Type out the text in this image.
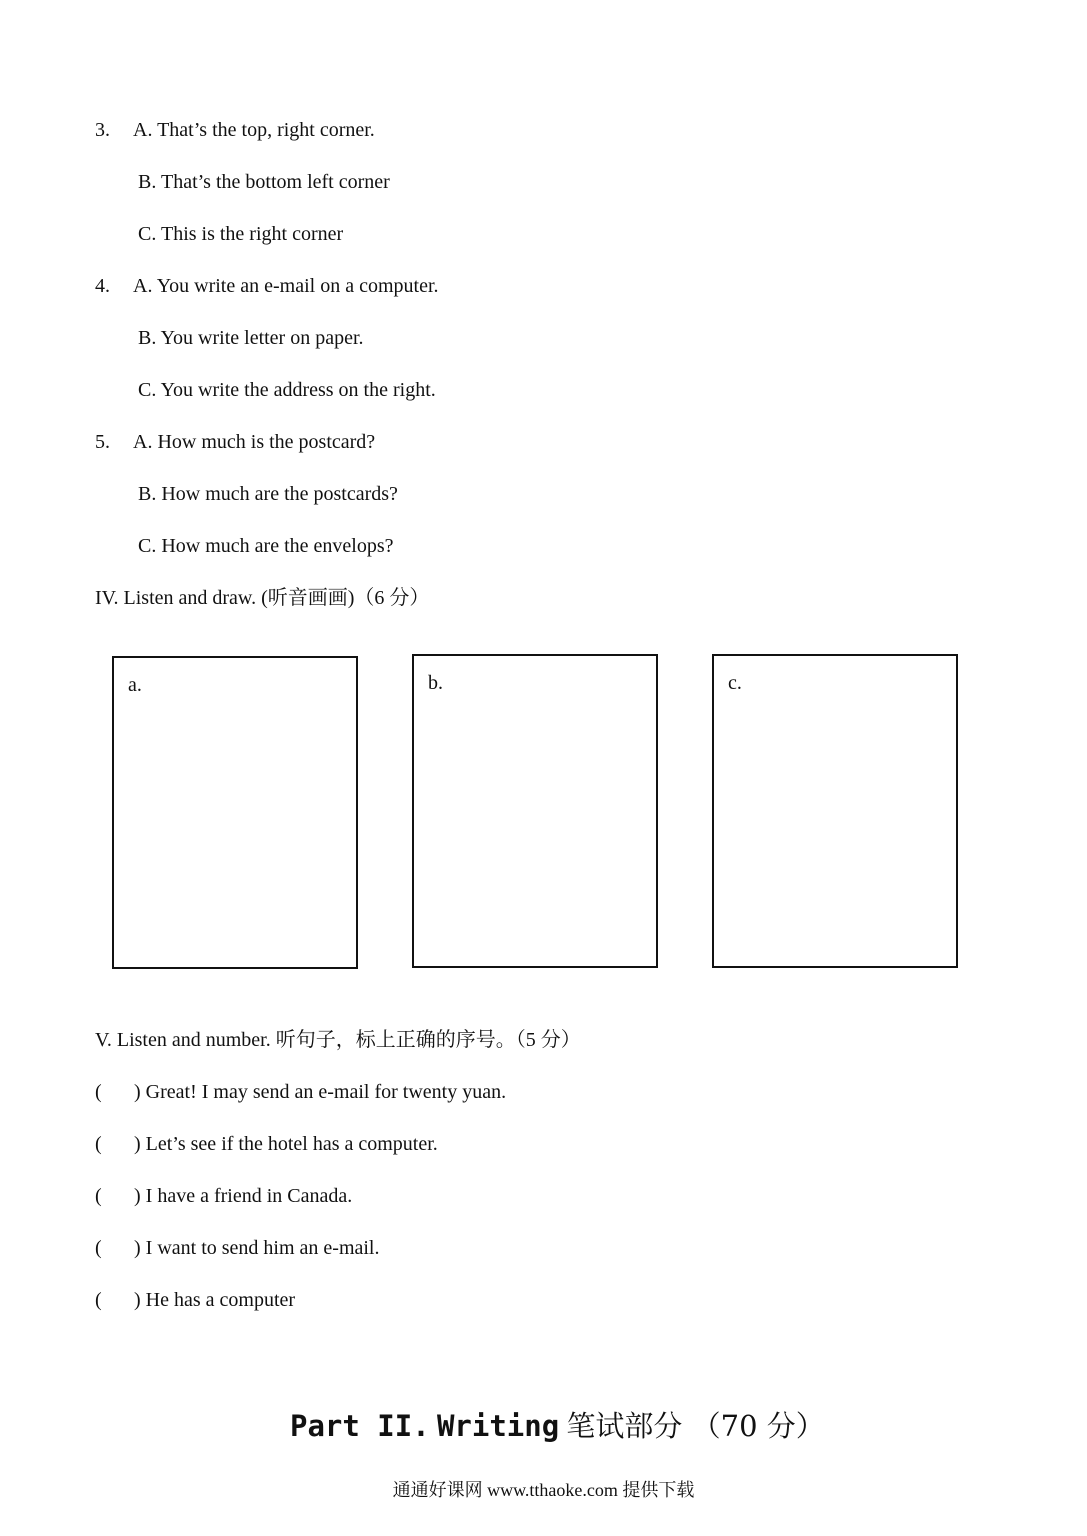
3. A. That’s the top, right corner.
B. That’s the bottom left corner
C. This is the right corner
4. A. You write an e-mail on a computer.
B. You write letter on paper.
C. You write the address on the right.
5. A. How much is the postcard?
B. How much are the postcards?
C. How much are the envelops?
IV. Listen and draw. (听音画画)（6 分）
a.	b.	c.
V. Listen and number. 听句子，标上正确的序号。（5 分）
( ) Great! I may send an e-mail for twenty yuan.
( ) Let’s see if the hotel has a computer.
( ) I have a friend in Canada.
( ) I want to send him an e-mail.
( ) He has a computer
Part II. Writing 笔试部分 （70 分）
通通好课网 www.tthaoke.com 提供下载
